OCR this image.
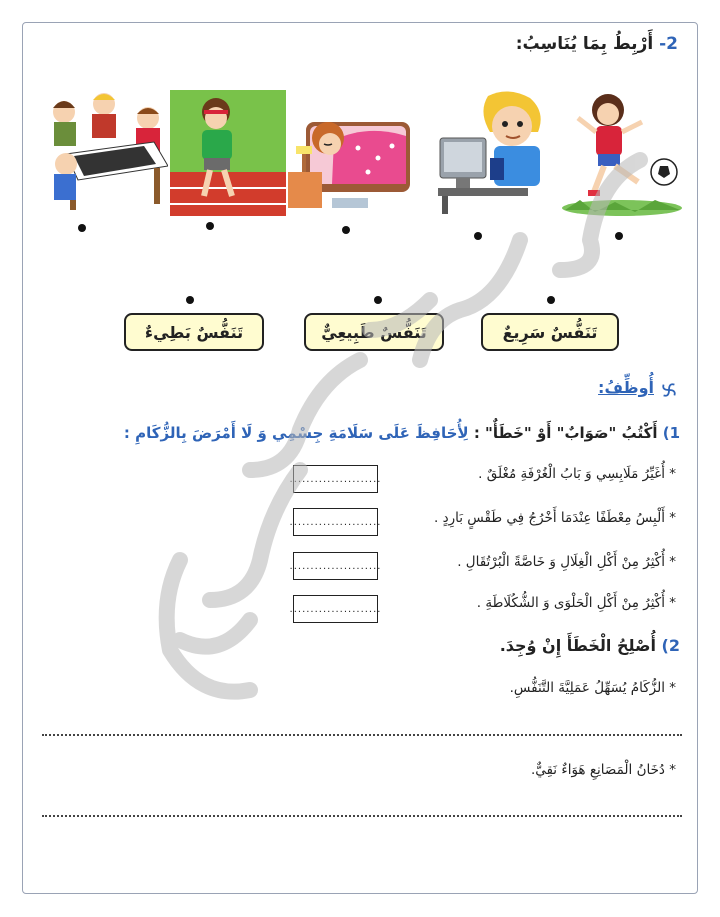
2- أَرْبِطُ بِمَا يُنَاسِبُ:
تَنَفُّسٌ سَرِيعٌ
تَنَفُّسٌ طَبِيعِيٌّ
تَنَفُّسٌ بَطِيءٌ
أُوظِّفُ:
1) أَكْتُبُ "صَوَابٌ" أَوْ "خَطَأٌ" : لِأُحَافِظَ عَلَى سَلَامَةِ جِسْمِي وَ لَا أَمْرَضَ بِالزُّكَامِ :
* أُغَيِّرُ مَلَابِسِي وَ بَابُ الْغُرْفَةِ مُغْلَقٌ .
* أَلْبِسُ مِعْطَفًا عِنْدَمَا أَخْرُجُ فِي طَقْسٍ بَارِدٍ .
* أُكْثِرُ مِنْ أَكْلِ الْغِلَالِ وَ خَاصَّةً الْبُرْتُقَالِ .
* أُكْثِرُ مِنْ أَكْلِ الْحَلْوَى وَ الشُّكُلَاطَةِ .
......................
......................
......................
......................
2) أُصْلِحُ الْخَطَأَ إِنْ وُجِدَ.
* الزُّكَامُ يُسَهِّلُ عَمَلِيَّةَ التَّنَفُّسِ.
* دُخَانُ الْمَصَانِعِ هَوَاءٌ نَقِيٌّ.
